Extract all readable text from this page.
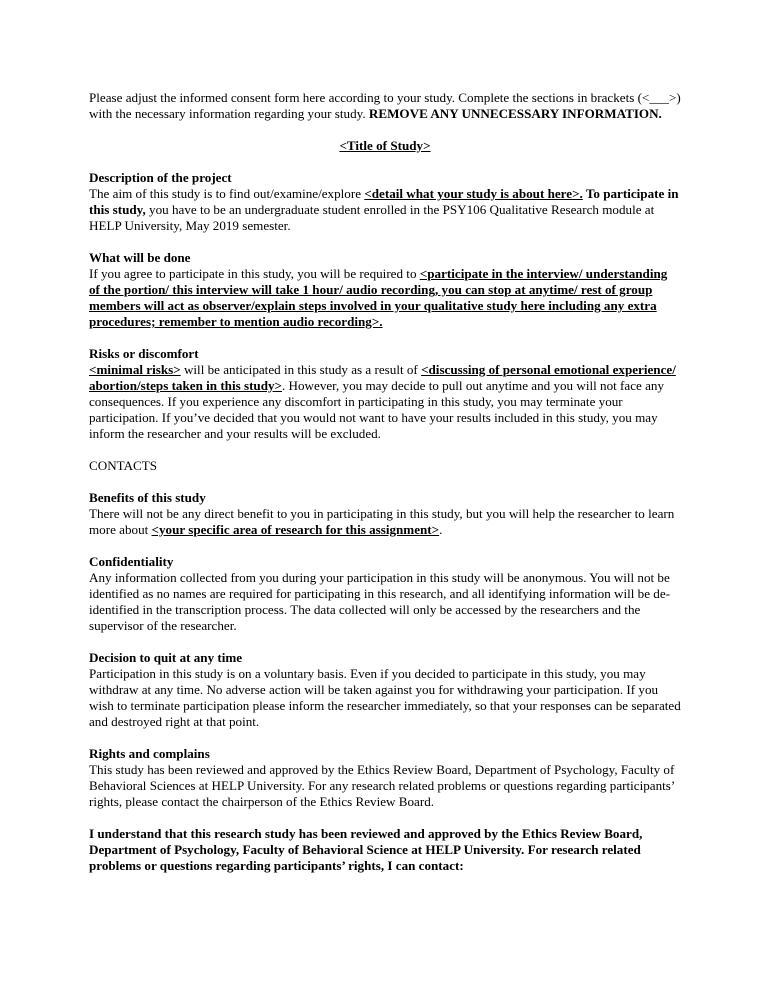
Please adjust the informed consent form here according to your study. Complete the sections in brackets (<___>) with the necessary information regarding your study. REMOVE ANY UNNECESSARY INFORMATION.

<Title of Study>

Description of the project

The aim of this study is to find out/examine/explore <detail what your study is about here>. To participate in this study, you have to be an undergraduate student enrolled in the PSY106 Qualitative Research module at HELP University, May 2019 semester.

What will be done

If you agree to participate in this study, you will be required to <participate in the interview/ understanding of the portion/ this interview will take 1 hour/ audio recording, you can stop at anytime/ rest of group members will act as observer/explain steps involved in your qualitative study here including any extra procedures; remember to mention audio recording>.

Risks or discomfort

<minimal risks> will be anticipated in this study as a result of <discussing of personal emotional experience/ abortion/steps taken in this study>. However, you may decide to pull out anytime and you will not face any consequences. If you experience any discomfort in participating in this study, you may terminate your participation. If you’ve decided that you would not want to have your results included in this study, you may inform the researcher and your results will be excluded.

CONTACTS

Benefits of this study

There will not be any direct benefit to you in participating in this study, but you will help the researcher to learn more about <your specific area of research for this assignment>.

Confidentiality

Any information collected from you during your participation in this study will be anonymous. You will not be identified as no names are required for participating in this research, and all identifying information will be de-identified in the transcription process. The data collected will only be accessed by the researchers and the supervisor of the researcher.

Decision to quit at any time

Participation in this study is on a voluntary basis. Even if you decided to participate in this study, you may withdraw at any time. No adverse action will be taken against you for withdrawing your participation. If you wish to terminate participation please inform the researcher immediately, so that your responses can be separated and destroyed right at that point.

Rights and complains

This study has been reviewed and approved by the Ethics Review Board, Department of Psychology, Faculty of Behavioral Sciences at HELP University. For any research related problems or questions regarding participants’ rights, please contact the chairperson of the Ethics Review Board.

I understand that this research study has been reviewed and approved by the Ethics Review Board, Department of Psychology, Faculty of Behavioral Science at HELP University. For research related problems or questions regarding participants’ rights, I can contact:
